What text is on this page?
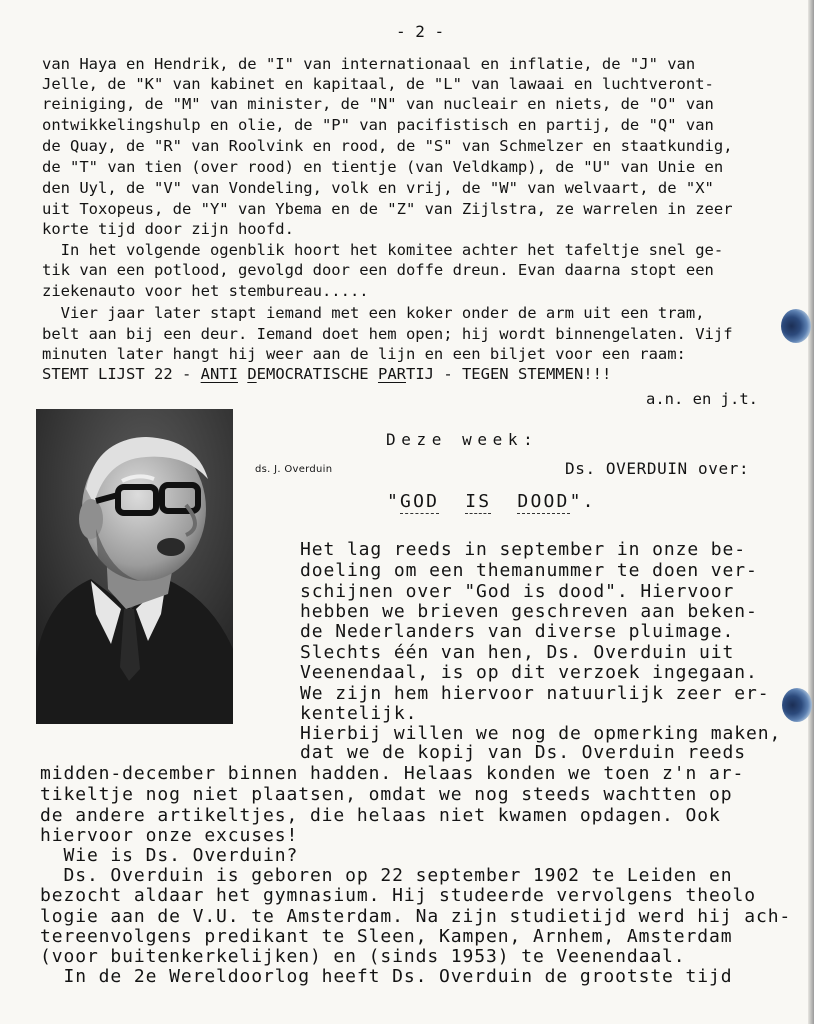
- 2 -
van Haya en Hendrik, de "I" van internationaal en inflatie, de "J" van
Jelle, de "K" van kabinet en kapitaal, de "L" van lawaai en luchtveront-
reiniging, de "M" van minister, de "N" van nucleair en niets, de "O" van
ontwikkelingshulp en olie, de "P" van pacifistisch en partij, de "Q" van
de Quay, de "R" van Roolvink en rood, de "S" van Schmelzer en staatkundig,
de "T" van tien (over rood) en tientje (van Veldkamp), de "U" van Unie en
den Uyl, de "V" van Vondeling, volk en vrij, de "W" van welvaart, de "X"
uit Toxopeus, de "Y" van Ybema en de "Z" van Zijlstra, ze warrelen in zeer
korte tijd door zijn hoofd.
In het volgende ogenblik hoort het komitee achter het tafeltje snel ge-
tik van een potlood, gevolgd door een doffe dreun. Evan daarna stopt een
ziekenauto voor het stembureau.....
Vier jaar later stapt iemand met een koker onder de arm uit een tram,
belt aan bij een deur. Iemand doet hem open; hij wordt binnengelaten. Vijf
minuten later hangt hij weer aan de lijn en een biljet voor een raam:
STEMT LIJST 22 - ANTI DEMOCRATISCHE PARTIJ - TEGEN STEMMEN!!!
a.n. en j.t.
Deze week:
ds. J. Overduin	Ds. OVERDUIN over:
"GOD IS DOOD".
Het lag reeds in september in onze be-
doeling om een themanummer te doen ver-
schijnen over "God is dood". Hiervoor
hebben we brieven geschreven aan beken-
de Nederlanders van diverse pluimage.
Slechts één van hen, Ds. Overduin uit
Veenendaal, is op dit verzoek ingegaan.
We zijn hem hiervoor natuurlijk zeer er-
kentelijk.
Hierbij willen we nog de opmerking maken,
dat we de kopij van Ds. Overduin reeds
midden-december binnen hadden. Helaas konden we toen z'n ar-
tikeltje nog niet plaatsen, omdat we nog steeds wachtten op
de andere artikeltjes, die helaas niet kwamen opdagen. Ook
hiervoor onze excuses!
Wie is Ds. Overduin?
Ds. Overduin is geboren op 22 september 1902 te Leiden en
bezocht aldaar het gymnasium. Hij studeerde vervolgens theolo
logie aan de V.U. te Amsterdam. Na zijn studietijd werd hij ach-
tereenvolgens predikant te Sleen, Kampen, Arnhem, Amsterdam
(voor buitenkerkelijken) en (sinds 1953) te Veenendaal.
In de 2e Wereldoorlog heeft Ds. Overduin de grootste tijd
